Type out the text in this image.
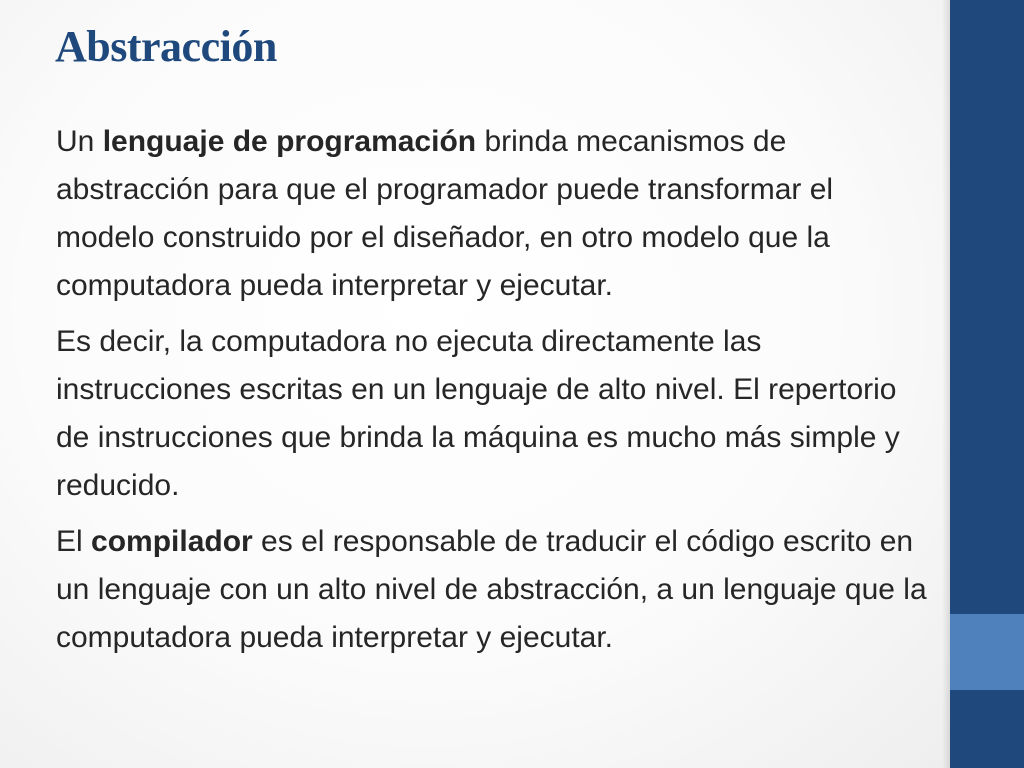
Abstracción

Un lenguaje de programación brinda mecanismos de abstracción para que el programador puede transformar el modelo construido por el diseñador, en otro modelo que la computadora pueda interpretar y ejecutar.

Es decir, la computadora no ejecuta directamente las instrucciones escritas en un lenguaje de alto nivel. El repertorio de instrucciones que brinda la máquina es mucho más simple y reducido.

El compilador es el responsable de traducir el código escrito en un lenguaje con un alto nivel de abstracción, a un lenguaje que la computadora pueda interpretar y ejecutar.
